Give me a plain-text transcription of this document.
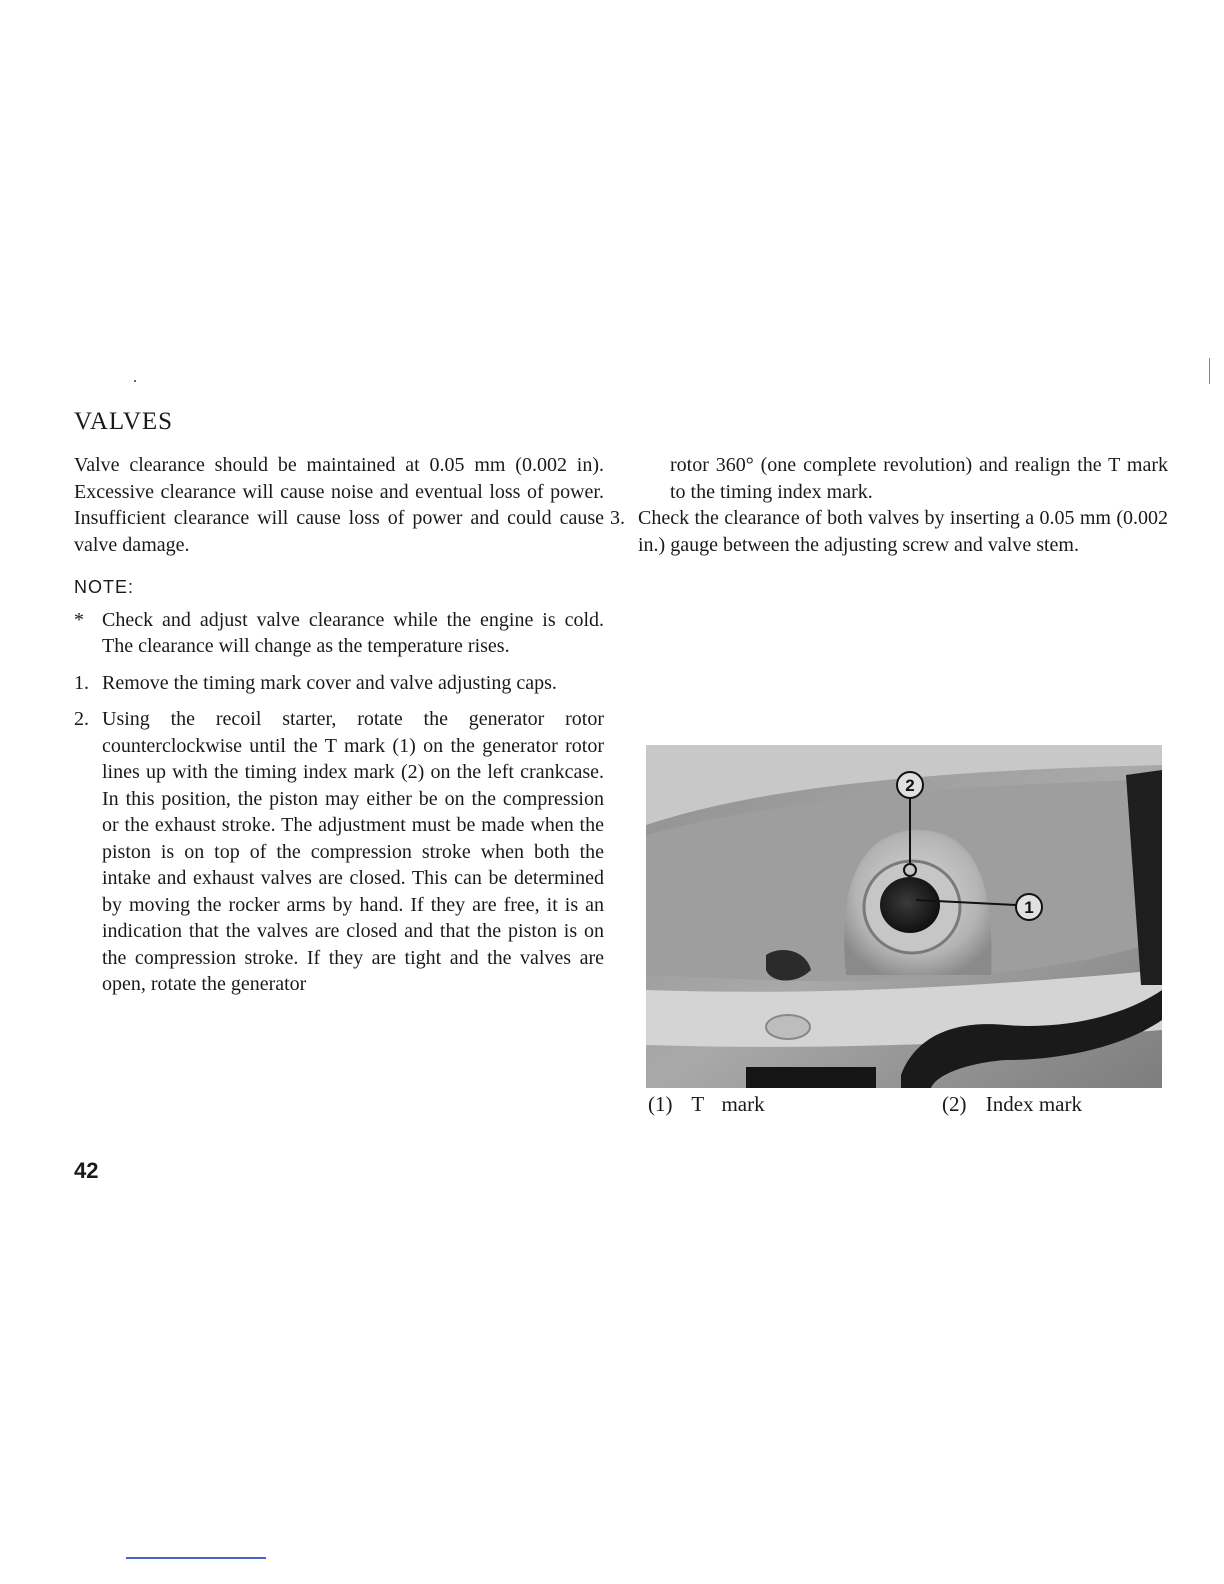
VALVES

Valve clearance should be maintained at 0.05 mm (0.002 in). Excessive clearance will cause noise and eventual loss of power. Insufficient clearance will cause loss of power and could cause valve damage.

NOTE:

* Check and adjust valve clearance while the engine is cold. The clearance will change as the temperature rises.
1. Remove the timing mark cover and valve adjusting caps.
2. Using the recoil starter, rotate the generator rotor counterclockwise until the T mark (1) on the generator rotor lines up with the timing index mark (2) on the left crankcase. In this position, the piston may either be on the compression or the exhaust stroke. The adjustment must be made when the piston is on top of the compression stroke when both the intake and exhaust valves are closed. This can be determined by moving the rocker arms by hand. If they are free, it is an indication that the valves are closed and that the piston is on the compression stroke. If they are tight and the valves are open, rotate the generator

rotor 360° (one complete revolution) and realign the T mark to the timing index mark.

3. Check the clearance of both valves by inserting a 0.05 mm (0.002 in.) gauge between the adjusting screw and valve stem.
2
1
(1) T mark	(2) Index mark

42
